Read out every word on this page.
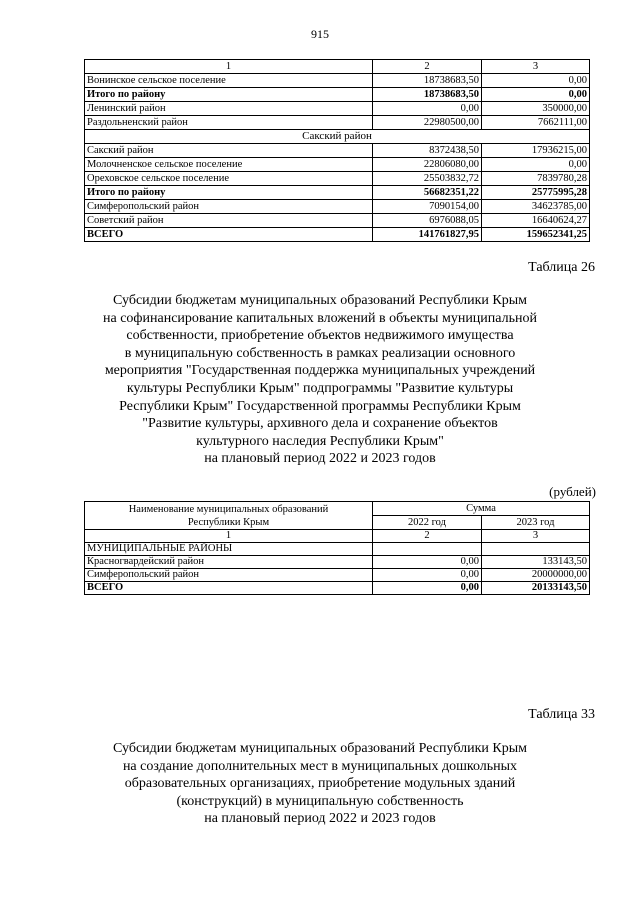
915
1	2	3
Вонинское сельское поселение	18738683,50	0,00
Итого по району	18738683,50	0,00
Ленинский район	0,00	350000,00
Раздольненский район	22980500,00	7662111,00
Сакский район		
Сакский район	8372438,50	17936215,00
Молочненское сельское поселение	22806080,00	0,00
Ореховское сельское поселение	25503832,72	7839780,28
Итого по району	56682351,22	25775995,28
Симферопольский район	7090154,00	34623785,00
Советский район	6976088,05	16640624,27
ВСЕГО	141761827,95	159652341,25
Таблица 26
Субсидии бюджетам муниципальных образований Республики Крым
на софинансирование капитальных вложений в объекты муниципальной
собственности, приобретение объектов недвижимого имущества
в муниципальную собственность в рамках реализации основного
мероприятия "Государственная поддержка муниципальных учреждений
культуры Республики Крым" подпрограммы "Развитие культуры
Республики Крым" Государственной программы Республики Крым
"Развитие культуры, архивного дела и сохранение объектов
культурного наследия Республики Крым"
на плановый период 2022 и 2023 годов
(рублей)
Наименование муниципальных образований
Республики Крым	Сумма	
	2022 год	2023 год
1	2	3
МУНИЦИПАЛЬНЫЕ РАЙОНЫ		
Красногвардейский район	0,00	133143,50
Симферопольский район	0,00	20000000,00
ВСЕГО	0,00	20133143,50
Таблица 33
Субсидии бюджетам муниципальных образований Республики Крым
на создание дополнительных мест в муниципальных дошкольных
образовательных организациях, приобретение модульных зданий
(конструкций) в муниципальную собственность
на плановый период 2022 и 2023 годов
